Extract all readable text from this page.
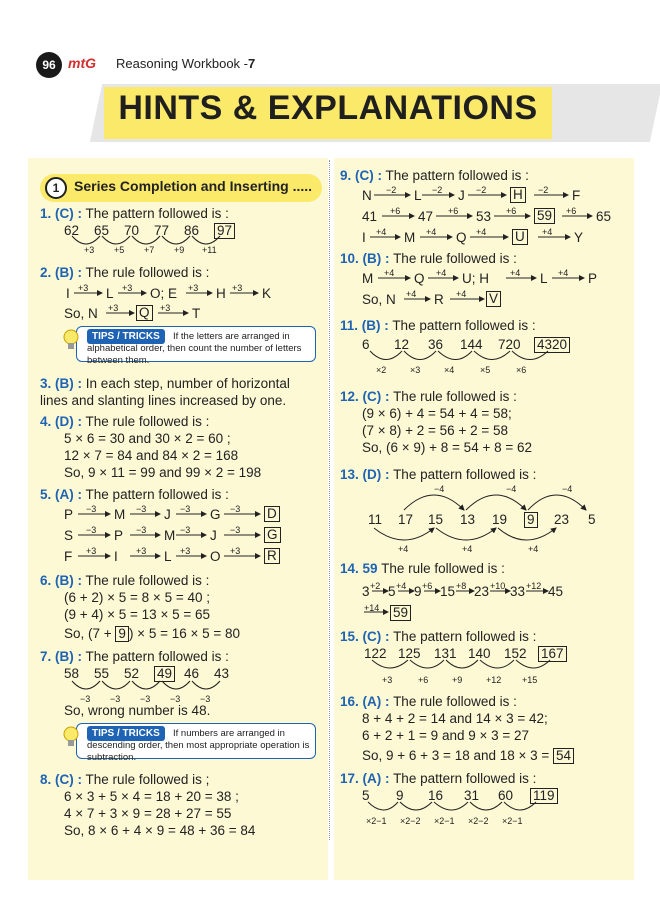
96 mtG Reasoning Workbook -7
HINTS & EXPLANATIONS
1	Series Completion and Inserting .....
1. (C) : The pattern followed is :
62 65 70 77 86 97
+3 +5 +7 +9 +11
2. (B) : The rule followed is :
I +3 L +3 O; E +3 H +3 K
So, N +3 Q	+3 T
TIPS / TRICKS	If the letters are arranged in alphabetical order, then count the number of letters between them.
3. (B) : In each step, number of horizontal
lines and slanting lines increased by one.
4. (D) : The rule followed is :
5 × 6 = 30 and 30 × 2 = 60 ;
12 × 7 = 84 and 84 × 2 = 168
So, 9 × 11 = 99 and 99 × 2 = 198
5. (A) : The pattern followed is :
P −3 M −3 J −3 G −3 D
S −3 P −3 M −3 J −3 G
F +3 I +3 L +3 O +3 R
6. (B) : The rule followed is :
(6 + 2) × 5 = 8 × 5 = 40 ;
(9 + 4) × 5 = 13 × 5 = 65
So, (7 + 9 ) × 5 = 16 × 5 = 80
7. (B) : The pattern followed is :
58 55 52 49 46 43
−3 −3 −3 −3 −3
So, wrong number is 48.
TIPS / TRICKS	If numbers are arranged in descending order, then most appropriate operation is subtraction.
8. (C) : The rule followed is ;
6 × 3 + 5 × 4 = 18 + 20 = 38 ;
4 × 7 + 3 × 9 = 28 + 27 = 55
So, 8 × 6 + 4 × 9 = 48 + 36 = 84
9. (C) : The pattern followed is :
N −2 L −2 J −2 H	−2 F
41 +6 47 +6 53 +6 59	+6 65
I +4 M +4 Q +4 U	+4 Y
10. (B) : The rule followed is :
M +4 Q +4 U; H +4 L +4 P
So, N +4 R +4 V
11. (B) : The pattern followed is :
6 12 36 144 720 4320
×2	×3	×4	×5	×6
12. (C) : The rule followed is :
(9 × 6) + 4 = 54 + 4 = 58;
(7 × 8) + 2 = 56 + 2 = 58
So, (6 × 9) + 8 = 54 + 8 = 62
13. (D) : The pattern followed is :
−4	−4	−4
11 17 15 13 19 9 23 5
+4	+4	+4
14. 59 The rule followed is :
3 +2 5 +4 9 +6 15 +8 23 +10 33 +12 45
+14 59
15. (C) : The pattern followed is :
122 125 131 140 152 167
+3	+6	+9	+12 +15
16. (A) : The rule followed is :
8 + 4 + 2 = 14 and 14 × 3 = 42;
6 + 2 + 1 = 9 and 9 × 3 = 27
So, 9 + 6 + 3 = 18 and 18 × 3 = 54
17. (A) : The pattern followed is :
5 9 16 31 60 119
×2−1 ×2−2 ×2−1 ×2−2 ×2−1
